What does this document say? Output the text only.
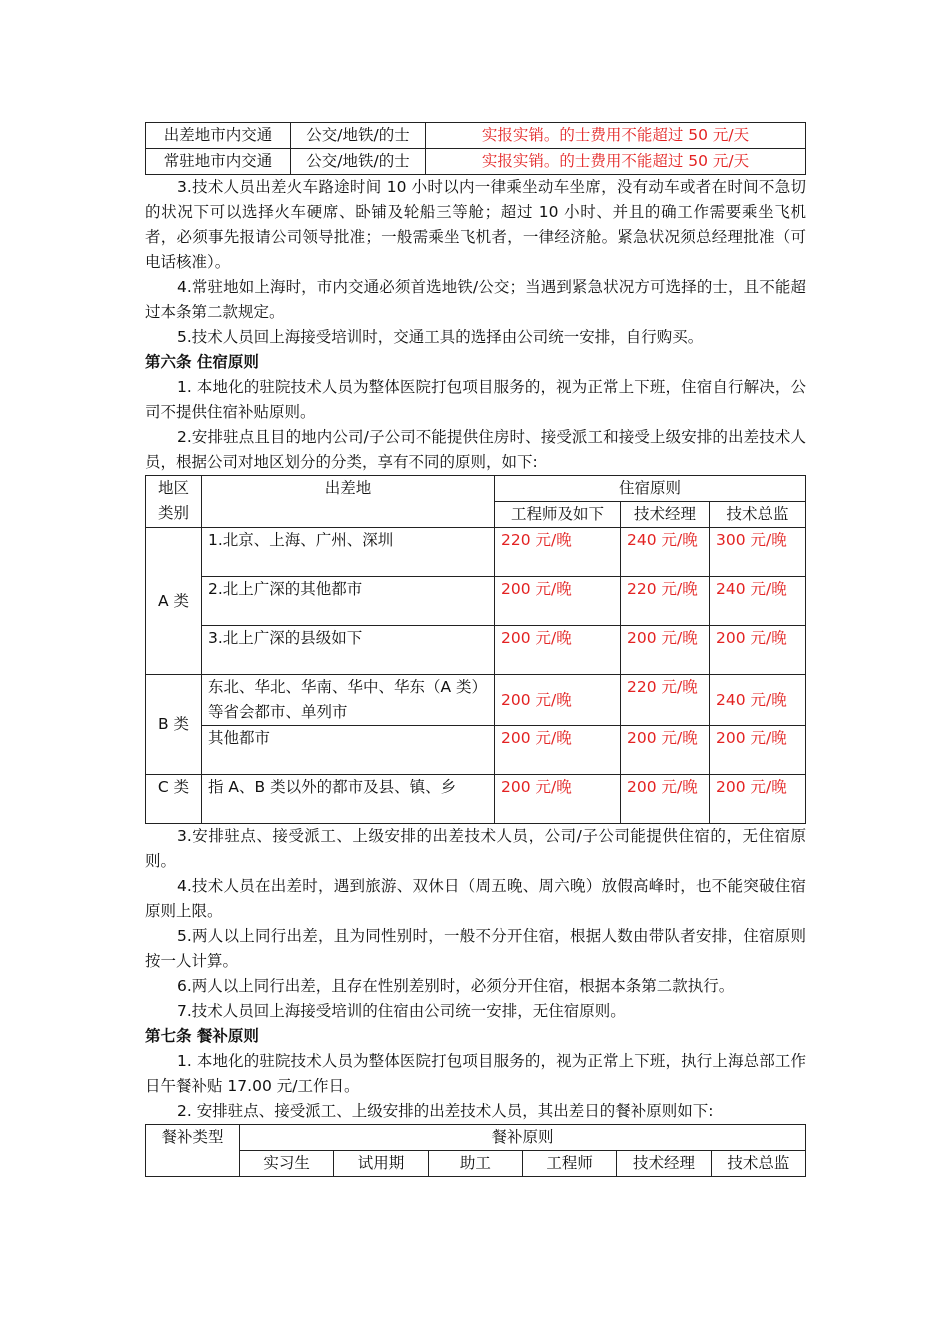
出差地市内交通	公交/地铁/的士	实报实销。的士费用不能超过 50 元/天
常驻地市内交通	公交/地铁/的士	实报实销。的士费用不能超过 50 元/天

3.技术人员出差火车路途时间 10 小时以内一律乘坐动车坐席，没有动车或者在时间不急切的状况下可以选择火车硬席、卧铺及轮船三等舱；超过 10 小时、并且的确工作需要乘坐飞机者，必须事先报请公司领导批准；一般需乘坐飞机者，一律经济舱。紧急状况须总经理批准（可电话核准）。

4.常驻地如上海时，市内交通必须首选地铁/公交；当遇到紧急状况方可选择的士，且不能超过本条第二款规定。

5.技术人员回上海接受培训时，交通工具的选择由公司统一安排，自行购买。

第六条 住宿原则

1. 本地化的驻院技术人员为整体医院打包项目服务的，视为正常上下班，住宿自行解决，公司不提供住宿补贴原则。

2.安排驻点且目的地内公司/子公司不能提供住房时、接受派工和接受上级安排的出差技术人员，根据公司对地区划分的分类，享有不同的原则，如下:

地区类别	出差地	住宿原则		
		工程师及如下	技术经理	技术总监
A 类	1.北京、上海、广州、深圳	220 元/晚	240 元/晚	300 元/晚
	2.北上广深的其他都市	200 元/晚	220 元/晚	240 元/晚
	3.北上广深的县级如下	200 元/晚	200 元/晚	200 元/晚
B 类	东北、华北、华南、华中、华东（A 类）等省会都市、单列市	200 元/晚	220 元/晚	240 元/晚
	其他都市	200 元/晚	200 元/晚	200 元/晚
C 类	指 A、B 类以外的都市及县、镇、乡	200 元/晚	200 元/晚	200 元/晚

3.安排驻点、接受派工、上级安排的出差技术人员，公司/子公司能提供住宿的，无住宿原则。

4.技术人员在出差时，遇到旅游、双休日（周五晚、周六晚）放假高峰时，也不能突破住宿原则上限。

5.两人以上同行出差，且为同性别时，一般不分开住宿，根据人数由带队者安排，住宿原则按一人计算。

6.两人以上同行出差，且存在性别差别时，必须分开住宿，根据本条第二款执行。

7.技术人员回上海接受培训的住宿由公司统一安排，无住宿原则。

第七条 餐补原则

1. 本地化的驻院技术人员为整体医院打包项目服务的，视为正常上下班，执行上海总部工作日午餐补贴 17.00 元/工作日。

2. 安排驻点、接受派工、上级安排的出差技术人员，其出差日的餐补原则如下:

餐补类型	餐补原则					
	实习生	试用期	助工	工程师	技术经理	技术总监
